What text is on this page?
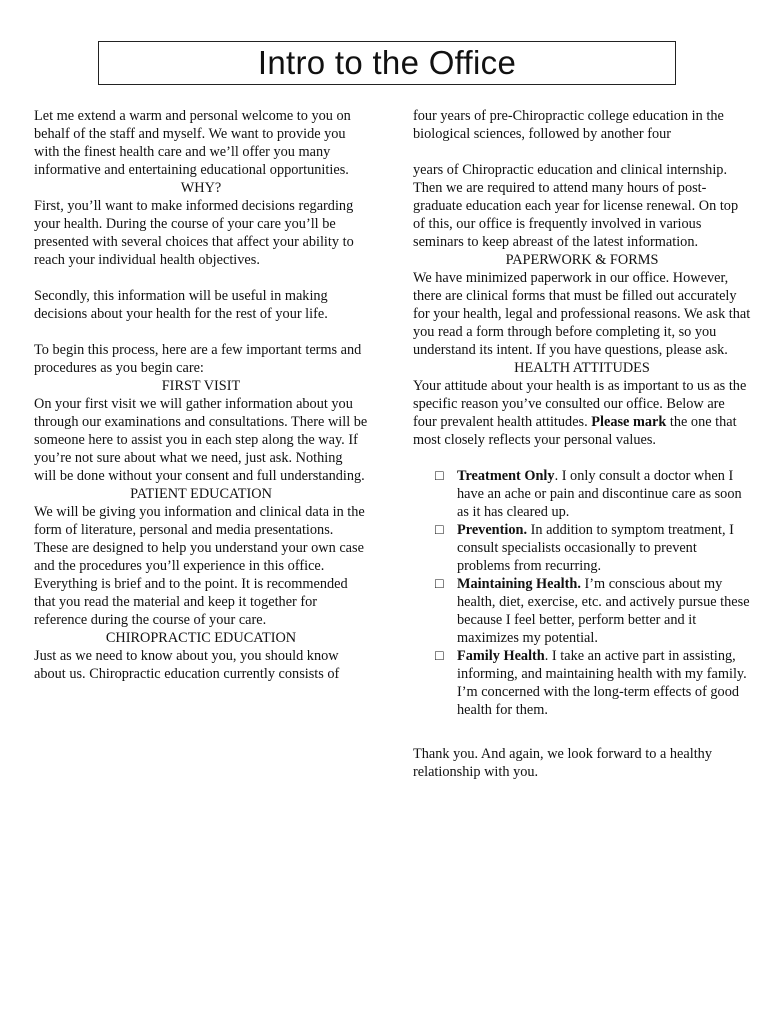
Intro to the Office

Let me extend a warm and personal welcome to you on behalf of the staff and myself. We want to provide you with the finest health care and we’ll offer you many informative and entertaining educational opportunities.

WHY?

First, you’ll want to make informed decisions regarding your health. During the course of your care you’ll be presented with several choices that affect your ability to reach your individual health objectives.

Secondly, this information will be useful in making decisions about your health for the rest of your life.

To begin this process, here are a few important terms and procedures as you begin care:

FIRST VISIT

On your first visit we will gather information about you through our examinations and consultations. There will be someone here to assist you in each step along the way. If you’re not sure about what we need, just ask. Nothing will be done without your consent and full understanding.

PATIENT EDUCATION

We will be giving you information and clinical data in the form of literature, personal and media presentations. These are designed to help you understand your own case and the procedures you’ll experience in this office. Everything is brief and to the point. It is recommended that you read the material and keep it together for reference during the course of your care.

CHIROPRACTIC EDUCATION

Just as we need to know about you, you should know about us. Chiropractic education currently consists of

four years of pre-Chiropractic college education in the biological sciences, followed by another four

years of Chiropractic education and clinical internship. Then we are required to attend many hours of post-graduate education each year for license renewal. On top of this, our office is frequently involved in various seminars to keep abreast of the latest information.

PAPERWORK & FORMS

We have minimized paperwork in our office. However, there are clinical forms that must be filled out accurately for your health, legal and professional reasons. We ask that you read a form through before completing it, so you understand its intent. If you have questions, please ask.

HEALTH ATTITUDES

Your attitude about your health is as important to us as the specific reason you’ve consulted our office. Below are four prevalent health attitudes. Please mark the one that most closely reflects your personal values.

□ Treatment Only. I only consult a doctor when I have an ache or pain and discontinue care as soon as it has cleared up.
□ Prevention. In addition to symptom treatment, I consult specialists occasionally to prevent problems from recurring.
□ Maintaining Health. I’m conscious about my health, diet, exercise, etc. and actively pursue these because I feel better, perform better and it maximizes my potential.
□ Family Health. I take an active part in assisting, informing, and maintaining health with my family. I’m concerned with the long-term effects of good health for them.

Thank you. And again, we look forward to a healthy relationship with you.
